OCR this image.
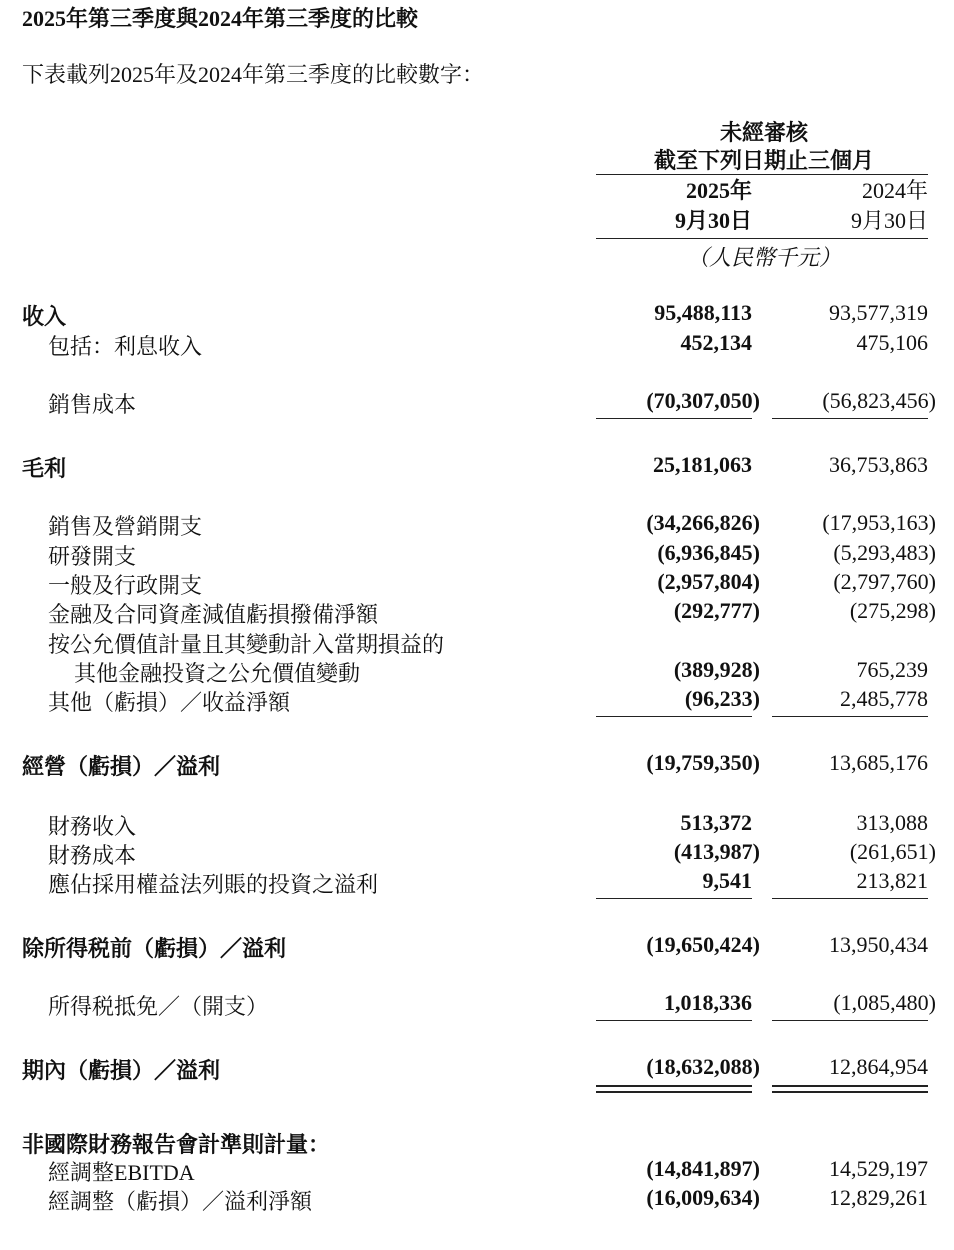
2025年第三季度與2024年第三季度的比較
下表載列2025年及2024年第三季度的比較數字：
未經審核
截至下列日期止三個月
2025年
9月30日
2024年
9月30日
（人民幣千元）
收入	95,488,113	93,577,319
包括：利息收入	452,134	475,106
銷售成本	(70,307,050)	(56,823,456)
毛利	25,181,063	36,753,863
銷售及營銷開支	(34,266,826)	(17,953,163)
研發開支	(6,936,845)	(5,293,483)
一般及行政開支	(2,957,804)	(2,797,760)
金融及合同資產減值虧損撥備淨額	(292,777)	(275,298)
按公允價值計量且其變動計入當期損益的
其他金融投資之公允價值變動	(389,928)	765,239
其他（虧損）／收益淨額	(96,233)	2,485,778
經營（虧損）／溢利	(19,759,350)	13,685,176
財務收入	513,372	313,088
財務成本	(413,987)	(261,651)
應佔採用權益法列賬的投資之溢利	9,541	213,821
除所得税前（虧損）／溢利	(19,650,424)	13,950,434
所得税抵免／（開支）	1,018,336	(1,085,480)
期內（虧損）／溢利	(18,632,088)	12,864,954
非國際財務報告會計準則計量：
經調整EBITDA	(14,841,897)	14,529,197
經調整（虧損）／溢利淨額	(16,009,634)	12,829,261
